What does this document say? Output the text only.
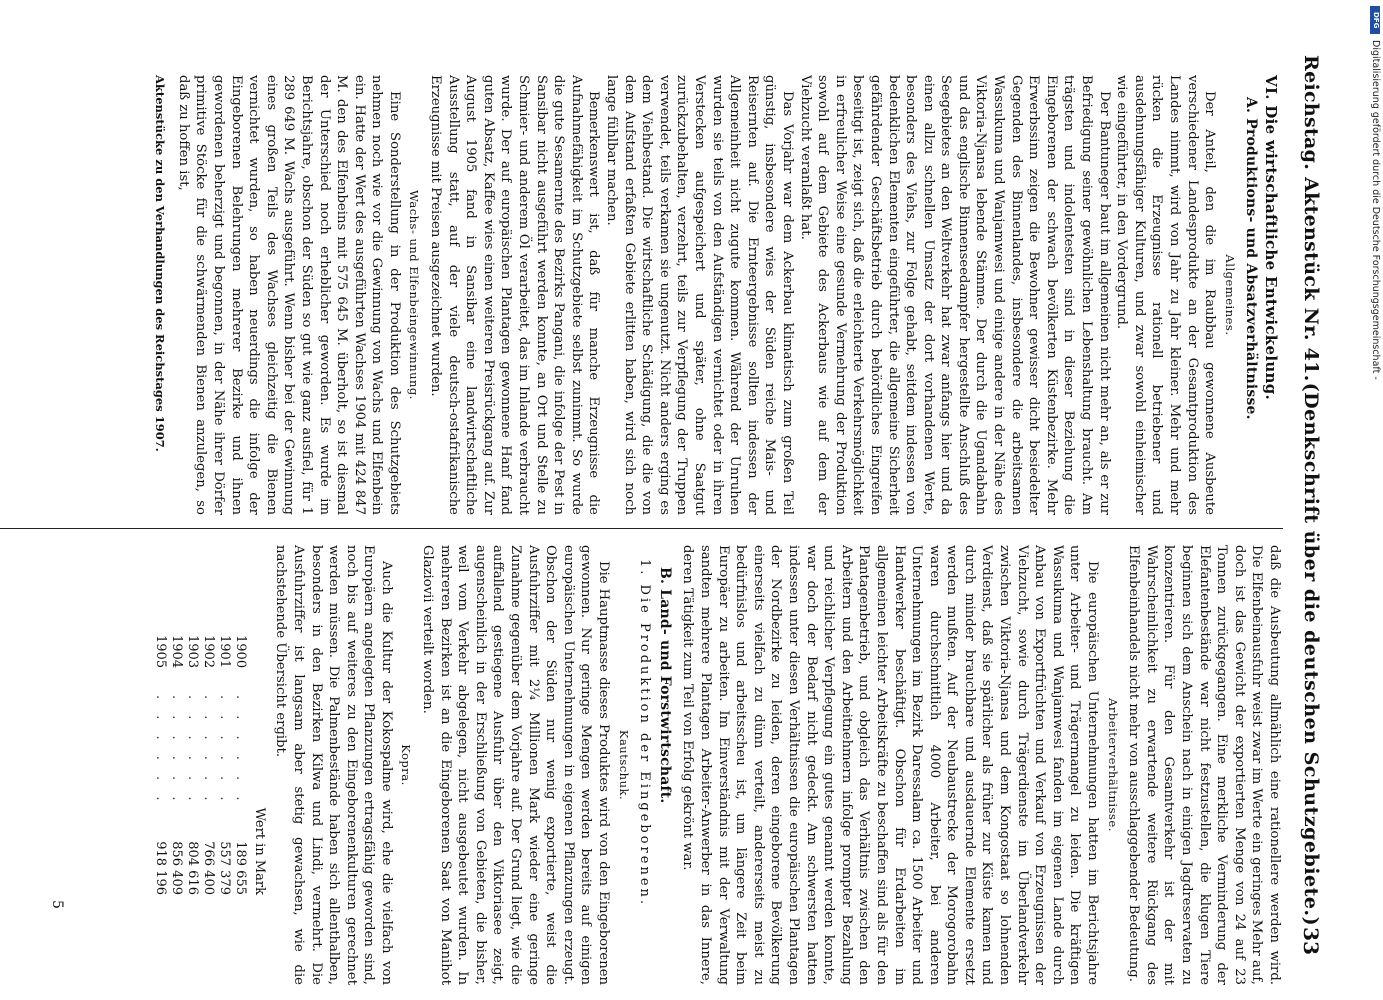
Reichstag. Aktenstück Nr. 41.
(Denkschrift über die deutschen Schutzgebiete.)
33
VI. Die wirtschaftliche Entwickelung.
A. Produktions- und Absatzverhältnisse.
Allgemeines.

Der Anteil, den die im Raubbau gewonnene Ausbeute verschiedener Landesprodukte an der Gesamtproduktion des Landes nimmt, wird von Jahr zu Jahr kleiner. Mehr und mehr rücken die Erzeugnisse rationell betriebener und ausdehnungsfähiger Kulturen, und zwar sowohl einheimischer wie eingeführter, in den Vordergrund.

Der Bantuneger baut im allgemeinen nicht mehr an, als er zur Befriedigung seiner gewöhnlichen Lebenshaltung braucht. Am trägsten und indolentesten sind in dieser Beziehung die Eingeborenen der schwach bevölkerten Küstenbezirke. Mehr Erwerbssinn zeigen die Bewohner gewisser dicht besiedelter Gegenden des Binnenlandes, insbesondere die arbeitsamen Wassukuma und Wanjamwesi und einige andere in der Nähe des Viktoria-Njansa lebende Stämme. Der durch die Ugandabahn und das englische Binnenseedampfer hergestellte Anschluß des Seegebietes an den Weltverkehr hat zwar anfangs hier und da einen allzu schnellen Umsatz der dort vorhandenen Werte, besonders des Viehs, zur Folge gehabt, seitdem indessen von bedenklichen Elementen eingeführter, die allgemeine Sicherheit gefährdender Geschäftsbetrieb durch behördliches Eingreifen beseitigt ist, zeigt sich, daß die erleichterte Verkehrsmöglichkeit in erfreulicher Weise eine gesunde Vermehrung der Produktion sowohl auf dem Gebiete des Ackerbaus wie auf dem der Viehzucht veranlaßt hat.

Das Vorjahr war dem Ackerbau klimatisch zum großen Teil günstig, insbesondere wies der Süden reiche Mais- und Reisernten auf. Die Ernteergebnisse sollten indessen der Allgemeinheit nicht zugute kommen. Während der Unruhen wurden sie teils von den Aufständigen vernichtet oder in ihren Verstecken aufgespeichert und später, ohne Saatgut zurückzubehalten, verzehrt, teils zur Verpflegung der Truppen verwendet, teils verkamen sie ungenutzt. Nicht anders erging es dem Viehbestand. Die wirtschaftliche Schädigung, die die von dem Aufstand erfaßten Gebiete erlitten haben, wird sich noch lange fühlbar machen.

Bemerkenswert ist, daß für manche Erzeugnisse die Aufnahmefähigkeit im Schutzgebiete selbst zunimmt. So wurde die gute Sesamernte des Bezirks Pangani, die infolge der Pest in Sansibar nicht ausgeführt werden konnte, an Ort und Stelle zu Schmier- und anderem Öl verarbeitet, das im Inlande verbraucht wurde. Der auf europäischen Plantagen gewonnene Hanf fand guten Absatz, Kaffee wies einen weiteren Preisrückgang auf. Zur August 1905 fand in Sansibar eine landwirtschaftliche Ausstellung statt, auf der viele deutsch-ostafrikanische Erzeugnisse mit Preisen ausgezeichnet wurden.

Wachs- und Elfenbeingewinnung.

Eine Sonderstellung in der Produktion des Schutzgebiets nehmen noch wie vor die Gewinnung von Wachs und Elfenbein ein. Hatte der Wert des ausgeführten Wachses 1904 mit 424 847 M. den des Elfenbeins mit 575 645 M. überholt, so ist diesmal der Unterschied noch erheblicher geworden. Es wurde im Berichtsjahre, obschon der Süden so gut wie ganz ausfiel, für 1 289 649 M. Wachs ausgeführt. Wenn bisher bei der Gewinnung eines großen Teils des Wachses gleichzeitig die Bienen vernichtet wurden, so haben neuerdings die infolge der Eingeborenen Belehrungen mehrerer Bezirke und ihnen gewordenen beherzigt und begonnen, in der Nähe ihrer Dörfer primitive Stöcke für die schwärmenden Bienen anzulegen, so daß zu hoffen ist,

Aktenstücke zu den Verhandlungen des Reichstages 1907.

daß die Ausbeutung allmählich eine rationellere werden wird. Die Elfenbeinausfuhr weist zwar im Werte ein geringes Mehr auf, doch ist das Gewicht der exportierten Menge von 24 auf 23 Tonnen zurückgegangen. Eine merkliche Verminderung der Elefantenbestände war nicht festzustellen, die klugen Tiere beginnen sich dem Anschein nach in einigen Jagdreservaten zu konzentrieren. Für den Gesamtverkehr ist der mit Wahrscheinlichkeit zu erwartende weitere Rückgang des Elfenbeinhandels nicht mehr von ausschlaggebender Bedeutung.

Arbeiterverhältnisse.

Die europäischen Unternehmungen hatten im Berichtsjahre unter Arbeiter- und Trägermangel zu leiden. Die kräftigen Wassukuma und Wanjamwesi fanden im eigenen Lande durch Anbau von Exportfrüchten und Verkauf von Erzeugnissen der Viehzucht, sowie durch Trägerdienste im Überlandverkehr zwischen Viktoria-Njansa und dem Kongostaat so lohnenden Verdienst, daß sie spärlicher als früher zur Küste kamen und durch minder brauchbare und ausdauernde Elemente ersetzt werden mußten. Auf der Neubaustrecke der Morogorobahn waren durchschnittlich 4000 Arbeiter, bei anderen Unternehmungen im Bezirk Daressalam ca. 1500 Arbeiter und Handwerker beschäftigt. Obschon für Erdarbeiten im allgemeinen leichter Arbeitskräfte zu beschaffen sind als für den Plantagenbetrieb, und obgleich das Verhältnis zwischen den Arbeitern und den Arbeitnehmern infolge prompter Bezahlung und reichlicher Verpflegung ein gutes genannt werden konnte, war doch der Bedarf nicht gedeckt. Am schwersten hatten indessen unter diesen Verhältnissen die europäischen Plantagen der Nordbezirke zu leiden, deren eingeborene Bevölkerung einerseits vielfach zu dünn verteilt, andererseits meist zu bedürfnislos und arbeitsscheu ist, um längere Zeit beim Europäer zu arbeiten. Im Einverständnis mit der Verwaltung sandten mehrere Plantagen Arbeiter-Anwerber in das Innere, deren Tätigkeit zum Teil von Erfolg gekrönt war.

B. Land- und Forstwirtschaft.
1. Die Produktion der Eingeborenen.
Kautschuk.

Die Hauptmasse dieses Produktes wird von den Eingeborenen gewonnen. Nur geringe Mengen werden bereits auf einigen europäischen Unternehmungen in eigenen Pflanzungen erzeugt. Obschon der Süden nur wenig exportierte, weist die Ausfuhrziffer mit 2¼ Millionen Mark wieder eine geringe Zunahme gegenüber dem Vorjahre auf. Der Grund liegt, wie die auffallend gestiegene Ausfuhr über den Viktoriasee zeigt, augenscheinlich in der Erschließung von Gebieten, die bisher, weil vom Verkehr abgelegen, nicht ausgebeutet wurden. In mehreren Bezirken ist an die Eingeborenen Saat von Manihot Glaziovii verteilt worden.

Kopra.

Auch die Kultur der Kokospalme wird, ehe die vielfach von Europäern angelegten Pflanzungen ertragsfähig geworden sind, noch bis auf weiteres zu den Eingeborenenkulturen gerechnet werden müssen. Die Palmenbestände haben sich allenthalben, besonders in den Bezirken Kilwa und Lindi, vermehrt. Die Ausfuhrziffer ist langsam aber stetig gewachsen, wie die nachstehende Übersicht ergibt.

Wert in Mark		
1900	. . . . . .	189 655
1901	. . . . . .	557 379
1902	. . . . . .	766 400
1903	. . . . . .	804 616
1904	. . . . . .	856 409
1905	. . . . . .	918 196
5
DFG
Digitalisierung gefördert durch die Deutsche Forschungsgemeinschaft -
